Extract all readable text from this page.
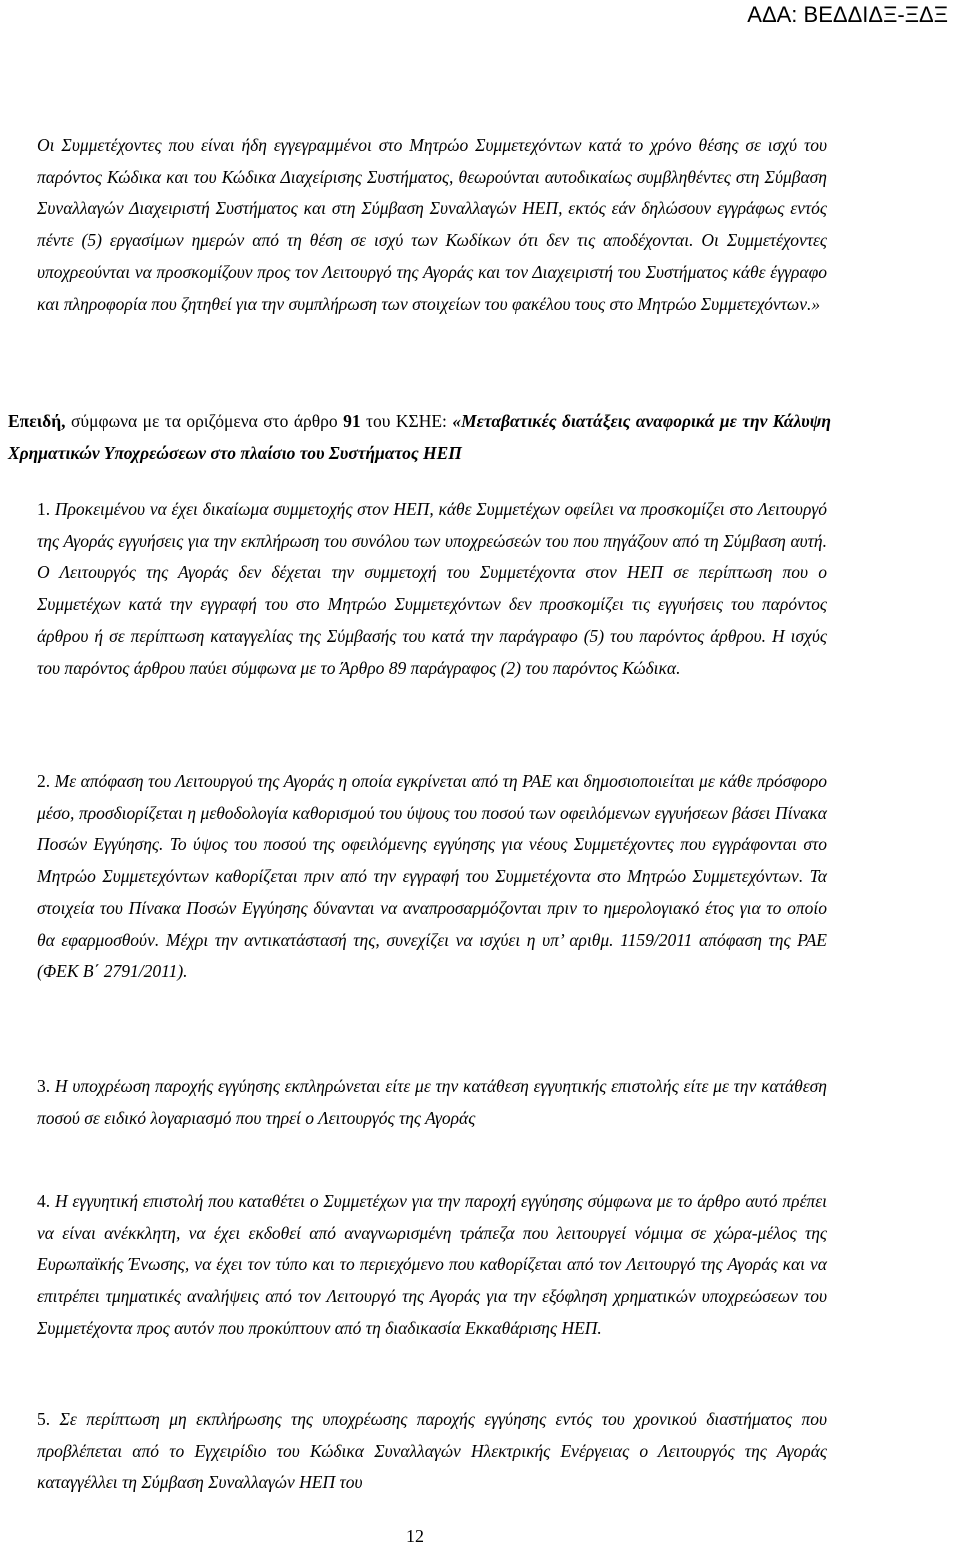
ΑΔΑ: ΒΕΔΔΙΔΞ-ΞΔΞ

Οι Συμμετέχοντες που είναι ήδη εγγεγραμμένοι στο Μητρώο Συμμετεχόντων κατά το χρόνο θέσης σε ισχύ του παρόντος Κώδικα και του Κώδικα Διαχείρισης Συστήματος, θεωρούνται αυτοδικαίως συμβληθέντες στη Σύμβαση Συναλλαγών Διαχειριστή Συστήματος και στη Σύμβαση Συναλλαγών ΗΕΠ, εκτός εάν δηλώσουν εγγράφως εντός πέντε (5) εργασίμων ημερών από τη θέση σε ισχύ των Κωδίκων ότι δεν τις αποδέχονται. Οι Συμμετέχοντες υποχρεούνται να προσκομίζουν προς τον Λειτουργό της Αγοράς και τον Διαχειριστή του Συστήματος κάθε έγγραφο και πληροφορία που ζητηθεί για την συμπλήρωση των στοιχείων του φακέλου τους στο Μητρώο Συμμετεχόντων.»

Επειδή, σύμφωνα με τα οριζόμενα στο άρθρο 91 του ΚΣΗΕ: «Μεταβατικές διατάξεις αναφορικά με την Κάλυψη Χρηματικών Υποχρεώσεων στο πλαίσιο του Συστήματος ΗΕΠ

1. Προκειμένου να έχει δικαίωμα συμμετοχής στον ΗΕΠ, κάθε Συμμετέχων οφείλει να προσκομίζει στο Λειτουργό της Αγοράς εγγυήσεις για την εκπλήρωση του συνόλου των υποχρεώσεών του που πηγάζουν από τη Σύμβαση αυτή. Ο Λειτουργός της Αγοράς δεν δέχεται την συμμετοχή του Συμμετέχοντα στον ΗΕΠ σε περίπτωση που ο Συμμετέχων κατά την εγγραφή του στο Μητρώο Συμμετεχόντων δεν προσκομίζει τις εγγυήσεις του παρόντος άρθρου ή σε περίπτωση καταγγελίας της Σύμβασής του κατά την παράγραφο (5) του παρόντος άρθρου. Η ισχύς του παρόντος άρθρου παύει σύμφωνα με το Άρθρο 89 παράγραφος (2) του παρόντος Κώδικα.

2. Με απόφαση του Λειτουργού της Αγοράς η οποία εγκρίνεται από τη ΡΑΕ και δημοσιοποιείται με κάθε πρόσφορο μέσο, προσδιορίζεται η μεθοδολογία καθορισμού του ύψους του ποσού των οφειλόμενων εγγυήσεων βάσει Πίνακα Ποσών Εγγύησης. Το ύψος του ποσού της οφειλόμενης εγγύησης για νέους Συμμετέχοντες που εγγράφονται στο Μητρώο Συμμετεχόντων καθορίζεται πριν από την εγγραφή του Συμμετέχοντα στο Μητρώο Συμμετεχόντων. Τα στοιχεία του Πίνακα Ποσών Εγγύησης δύνανται να αναπροσαρμόζονται πριν το ημερολογιακό έτος για το οποίο θα εφαρμοσθούν. Μέχρι την αντικατάστασή της, συνεχίζει να ισχύει η υπ’ αριθμ. 1159/2011 απόφαση της ΡΑΕ (ΦΕΚ Β΄ 2791/2011).

3. Η υποχρέωση παροχής εγγύησης εκπληρώνεται είτε με την κατάθεση εγγυητικής επιστολής είτε με την κατάθεση ποσού σε ειδικό λογαριασμό που τηρεί ο Λειτουργός της Αγοράς

4. Η εγγυητική επιστολή που καταθέτει ο Συμμετέχων για την παροχή εγγύησης σύμφωνα με το άρθρο αυτό πρέπει να είναι ανέκκλητη, να έχει εκδοθεί από αναγνωρισμένη τράπεζα που λειτουργεί νόμιμα σε χώρα-μέλος της Ευρωπαϊκής Ένωσης, να έχει τον τύπο και το περιεχόμενο που καθορίζεται από τον Λειτουργό της Αγοράς και να επιτρέπει τμηματικές αναλήψεις από τον Λειτουργό της Αγοράς για την εξόφληση χρηματικών υποχρεώσεων του Συμμετέχοντα προς αυτόν που προκύπτουν από τη διαδικασία Εκκαθάρισης ΗΕΠ.

5. Σε περίπτωση μη εκπλήρωσης της υποχρέωσης παροχής εγγύησης εντός του χρονικού διαστήματος που προβλέπεται από το Εγχειρίδιο του Κώδικα Συναλλαγών Ηλεκτρικής Ενέργειας ο Λειτουργός της Αγοράς καταγγέλλει τη Σύμβαση Συναλλαγών ΗΕΠ του

12
